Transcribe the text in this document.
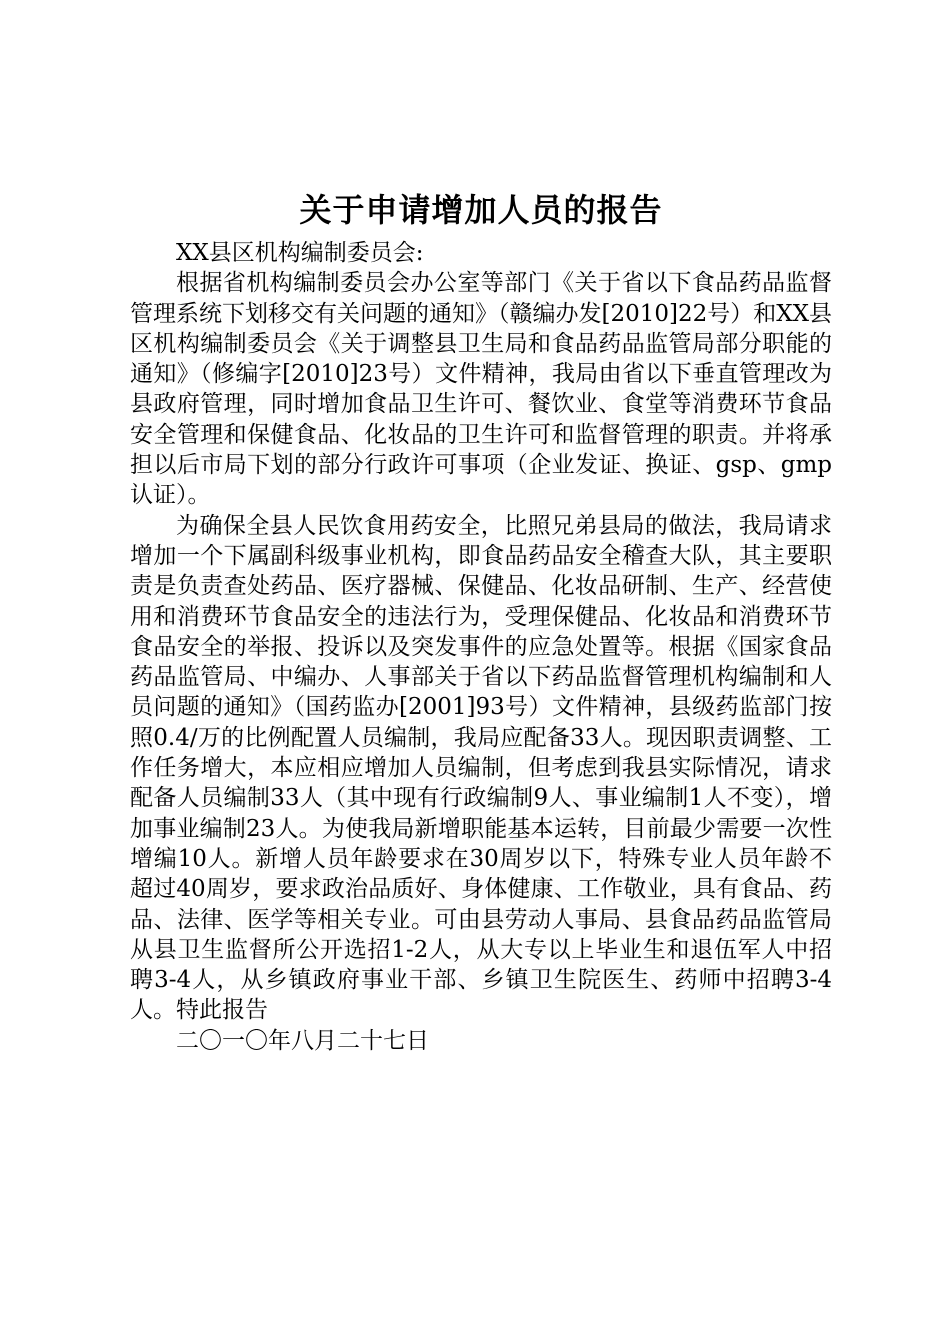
关于申请增加人员的报告

XX县区机构编制委员会:

根据省机构编制委员会办公室等部门《关于省以下食品药品监督管理系统下划移交有关问题的通知》（赣编办发[2010]22号）和XX县区机构编制委员会《关于调整县卫生局和食品药品监管局部分职能的通知》（修编字[2010]23号）文件精神，我局由省以下垂直管理改为县政府管理，同时增加食品卫生许可、餐饮业、食堂等消费环节食品安全管理和保健食品、化妆品的卫生许可和监督管理的职责。并将承担以后市局下划的部分行政许可事项（企业发证、换证、gsp、gmp认证）。

为确保全县人民饮食用药安全，比照兄弟县局的做法，我局请求增加一个下属副科级事业机构，即食品药品安全稽查大队，其主要职责是负责查处药品、医疗器械、保健品、化妆品研制、生产、经营使用和消费环节食品安全的违法行为，受理保健品、化妆品和消费环节食品安全的举报、投诉以及突发事件的应急处置等。根据《国家食品药品监管局、中编办、人事部关于省以下药品监督管理机构编制和人员问题的通知》（国药监办[2001]93号）文件精神，县级药监部门按照0.4/万的比例配置人员编制，我局应配备33人。现因职责调整、工作任务增大，本应相应增加人员编制，但考虑到我县实际情况，请求配备人员编制33人（其中现有行政编制9人、事业编制1人不变），增加事业编制23人。为使我局新增职能基本运转，目前最少需要一次性增编10人。新增人员年龄要求在30周岁以下，特殊专业人员年龄不超过40周岁，要求政治品质好、身体健康、工作敬业，具有食品、药品、法律、医学等相关专业。可由县劳动人事局、县食品药品监管局从县卫生监督所公开选招1-2人，从大专以上毕业生和退伍军人中招聘3-4人，从乡镇政府事业干部、乡镇卫生院医生、药师中招聘3-4人。特此报告

二〇一〇年八月二十七日
